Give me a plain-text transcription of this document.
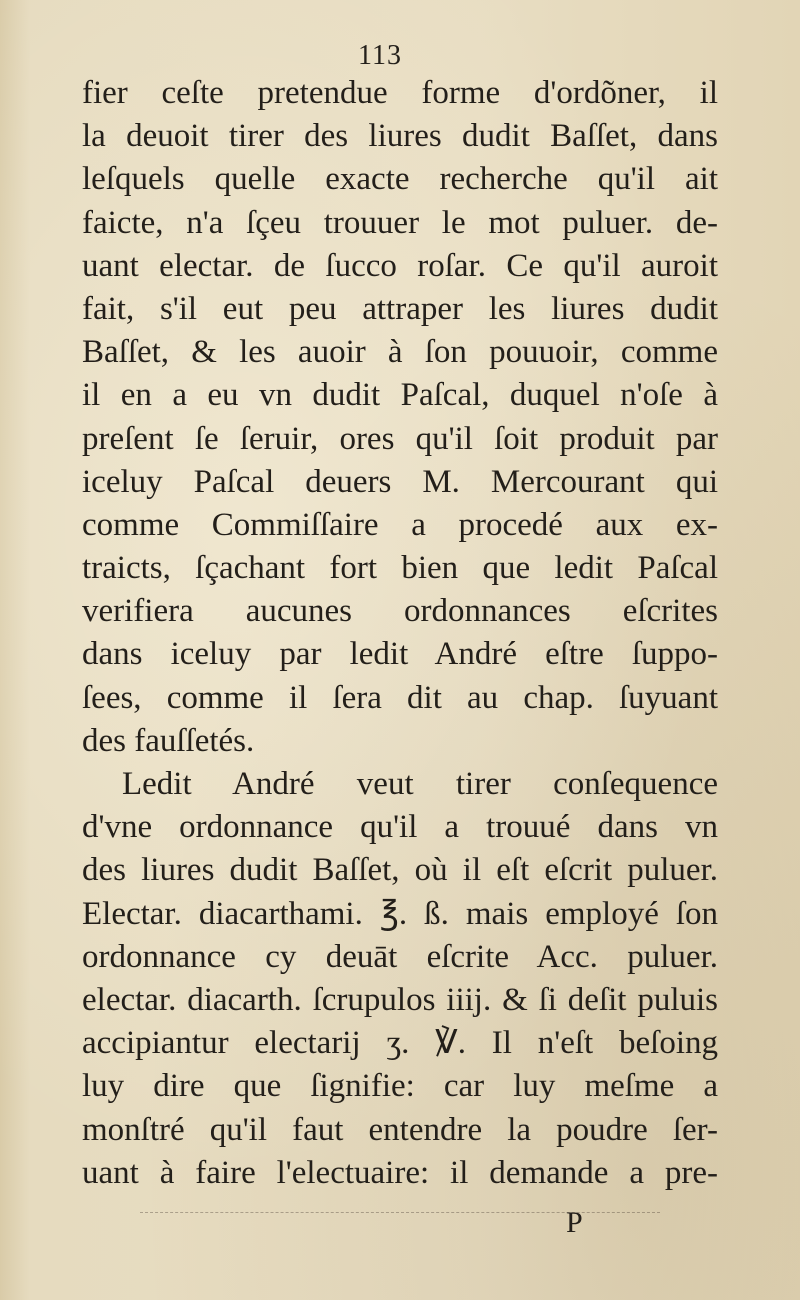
113
fier ceſte pretendue forme d'ordõner, il
la deuoit tirer des liures dudit Baſſet, dans
leſquels quelle exacte recherche qu'il ait
faicte, n'a ſçeu trouuer le mot puluer. de-
uant electar. de ſucco roſar. Ce qu'il auroit
fait, s'il eut peu attraper les liures dudit
Baſſet, & les auoir à ſon pouuoir, comme
il en a eu vn dudit Paſcal, duquel n'oſe à
preſent ſe ſeruir, ores qu'il ſoit produit par
iceluy Paſcal deuers M. Mercourant qui
comme Commiſſaire a procedé aux ex-
traicts, ſçachant fort bien que ledit Paſcal
verifiera aucunes ordonnances eſcrites
dans iceluy par ledit André eſtre ſuppo-
ſees, comme il ſera dit au chap. ſuyuant
des fauſſetés.
Ledit André veut tirer conſequence
d'vne ordonnance qu'il a trouué dans vn
des liures dudit Baſſet, où il eſt eſcrit puluer.
Electar. diacarthami. ℥. ß. mais employé ſon
ordonnance cy deuāt eſcrite Acc. puluer.
electar. diacarth. ſcrupulos iiij. & ſi deſit puluis
accipiantur electarij ʒ. ℣. Il n'eſt beſoing
luy dire que ſignifie: car luy meſme a
monſtré qu'il faut entendre la poudre ſer-
uant à faire l'electuaire: il demande a pre-
P
